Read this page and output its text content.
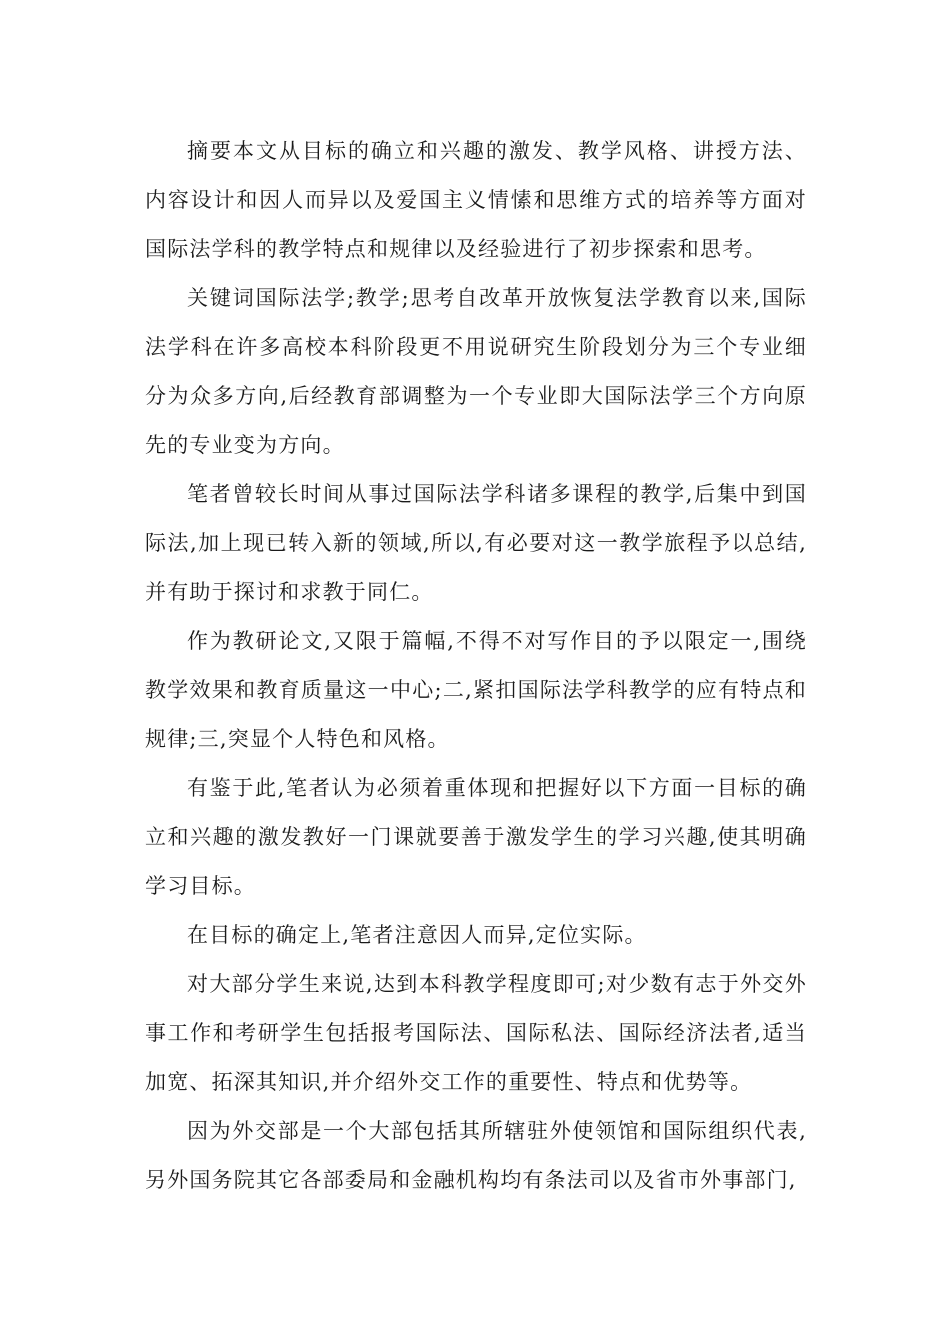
摘要本文从目标的确立和兴趣的激发、教学风格、讲授方法、内容设计和因人而异以及爱国主义情愫和思维方式的培养等方面对国际法学科的教学特点和规律以及经验进行了初步探索和思考。

关键词国际法学;教学;思考自改革开放恢复法学教育以来,国际法学科在许多高校本科阶段更不用说研究生阶段划分为三个专业细分为众多方向,后经教育部调整为一个专业即大国际法学三个方向原先的专业变为方向。

笔者曾较长时间从事过国际法学科诸多课程的教学,后集中到国际法,加上现已转入新的领域,所以,有必要对这一教学旅程予以总结,并有助于探讨和求教于同仁。

作为教研论文,又限于篇幅,不得不对写作目的予以限定一,围绕教学效果和教育质量这一中心;二,紧扣国际法学科教学的应有特点和规律;三,突显个人特色和风格。

有鉴于此,笔者认为必须着重体现和把握好以下方面一目标的确立和兴趣的激发教好一门课就要善于激发学生的学习兴趣,使其明确学习目标。

在目标的确定上,笔者注意因人而异,定位实际。

对大部分学生来说,达到本科教学程度即可;对少数有志于外交外事工作和考研学生包括报考国际法、国际私法、国际经济法者,适当加宽、拓深其知识,并介绍外交工作的重要性、特点和优势等。

因为外交部是一个大部包括其所辖驻外使领馆和国际组织代表,另外国务院其它各部委局和金融机构均有条法司以及省市外事部门,
